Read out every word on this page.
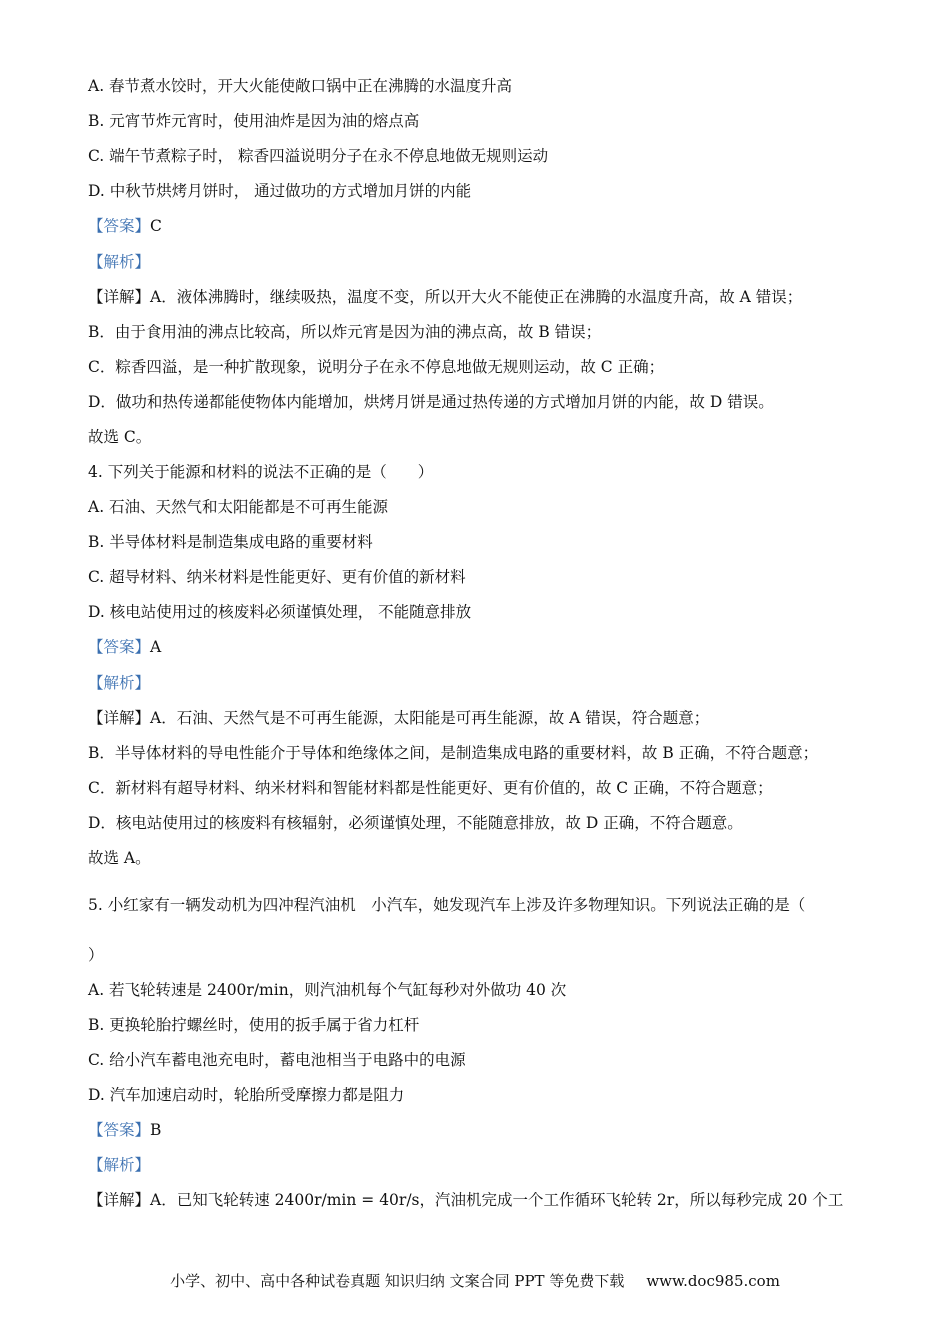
A. 春节煮水饺时，开大火能使敞口锅中正在沸腾的水温度升高
B. 元宵节炸元宵时，使用油炸是因为油的熔点高
C. 端午节煮粽子时， 粽香四溢说明分子在永不停息地做无规则运动
D. 中秋节烘烤月饼时， 通过做功的方式增加月饼的内能
【答案】C
【解析】
【详解】A．液体沸腾时，继续吸热，温度不变，所以开大火不能使正在沸腾的水温度升高，故 A 错误；
B．由于食用油的沸点比较高，所以炸元宵是因为油的沸点高，故 B 错误；
C．粽香四溢，是一种扩散现象，说明分子在永不停息地做无规则运动，故 C 正确；
D．做功和热传递都能使物体内能增加，烘烤月饼是通过热传递的方式增加月饼的内能，故 D 错误。
故选 C。
4. 下列关于能源和材料的说法不正确的是（　　）
A. 石油、天然气和太阳能都是不可再生能源
B. 半导体材料是制造集成电路的重要材料
C. 超导材料、纳米材料是性能更好、更有价值的新材料
D. 核电站使用过的核废料必须谨慎处理， 不能随意排放
【答案】A
【解析】
【详解】A．石油、天然气是不可再生能源，太阳能是可再生能源，故 A 错误，符合题意；
B．半导体材料的导电性能介于导体和绝缘体之间，是制造集成电路的重要材料，故 B 正确，不符合题意；
C．新材料有超导材料、纳米材料和智能材料都是性能更好、更有价值的，故 C 正确，不符合题意；
D．核电站使用过的核废料有核辐射，必须谨慎处理，不能随意排放，故 D 正确，不符合题意。
故选 A。
5. 小红家有一辆发动机为四冲程汽油机　小汽车，她发现汽车上涉及许多物理知识。下列说法正确的是（
）
A. 若飞轮转速是 2400r/min，则汽油机每个气缸每秒对外做功 40 次
B. 更换轮胎拧螺丝时，使用的扳手属于省力杠杆
C. 给小汽车蓄电池充电时，蓄电池相当于电路中的电源
D. 汽车加速启动时，轮胎所受摩擦力都是阻力
【答案】B
【解析】
【详解】A．已知飞轮转速 2400r/min = 40r/s，汽油机完成一个工作循环飞轮转 2r，所以每秒完成 20 个工
小学、初中、高中各种试卷真题 知识归纳 文案合同 PPT 等免费下载 www.doc985.com
